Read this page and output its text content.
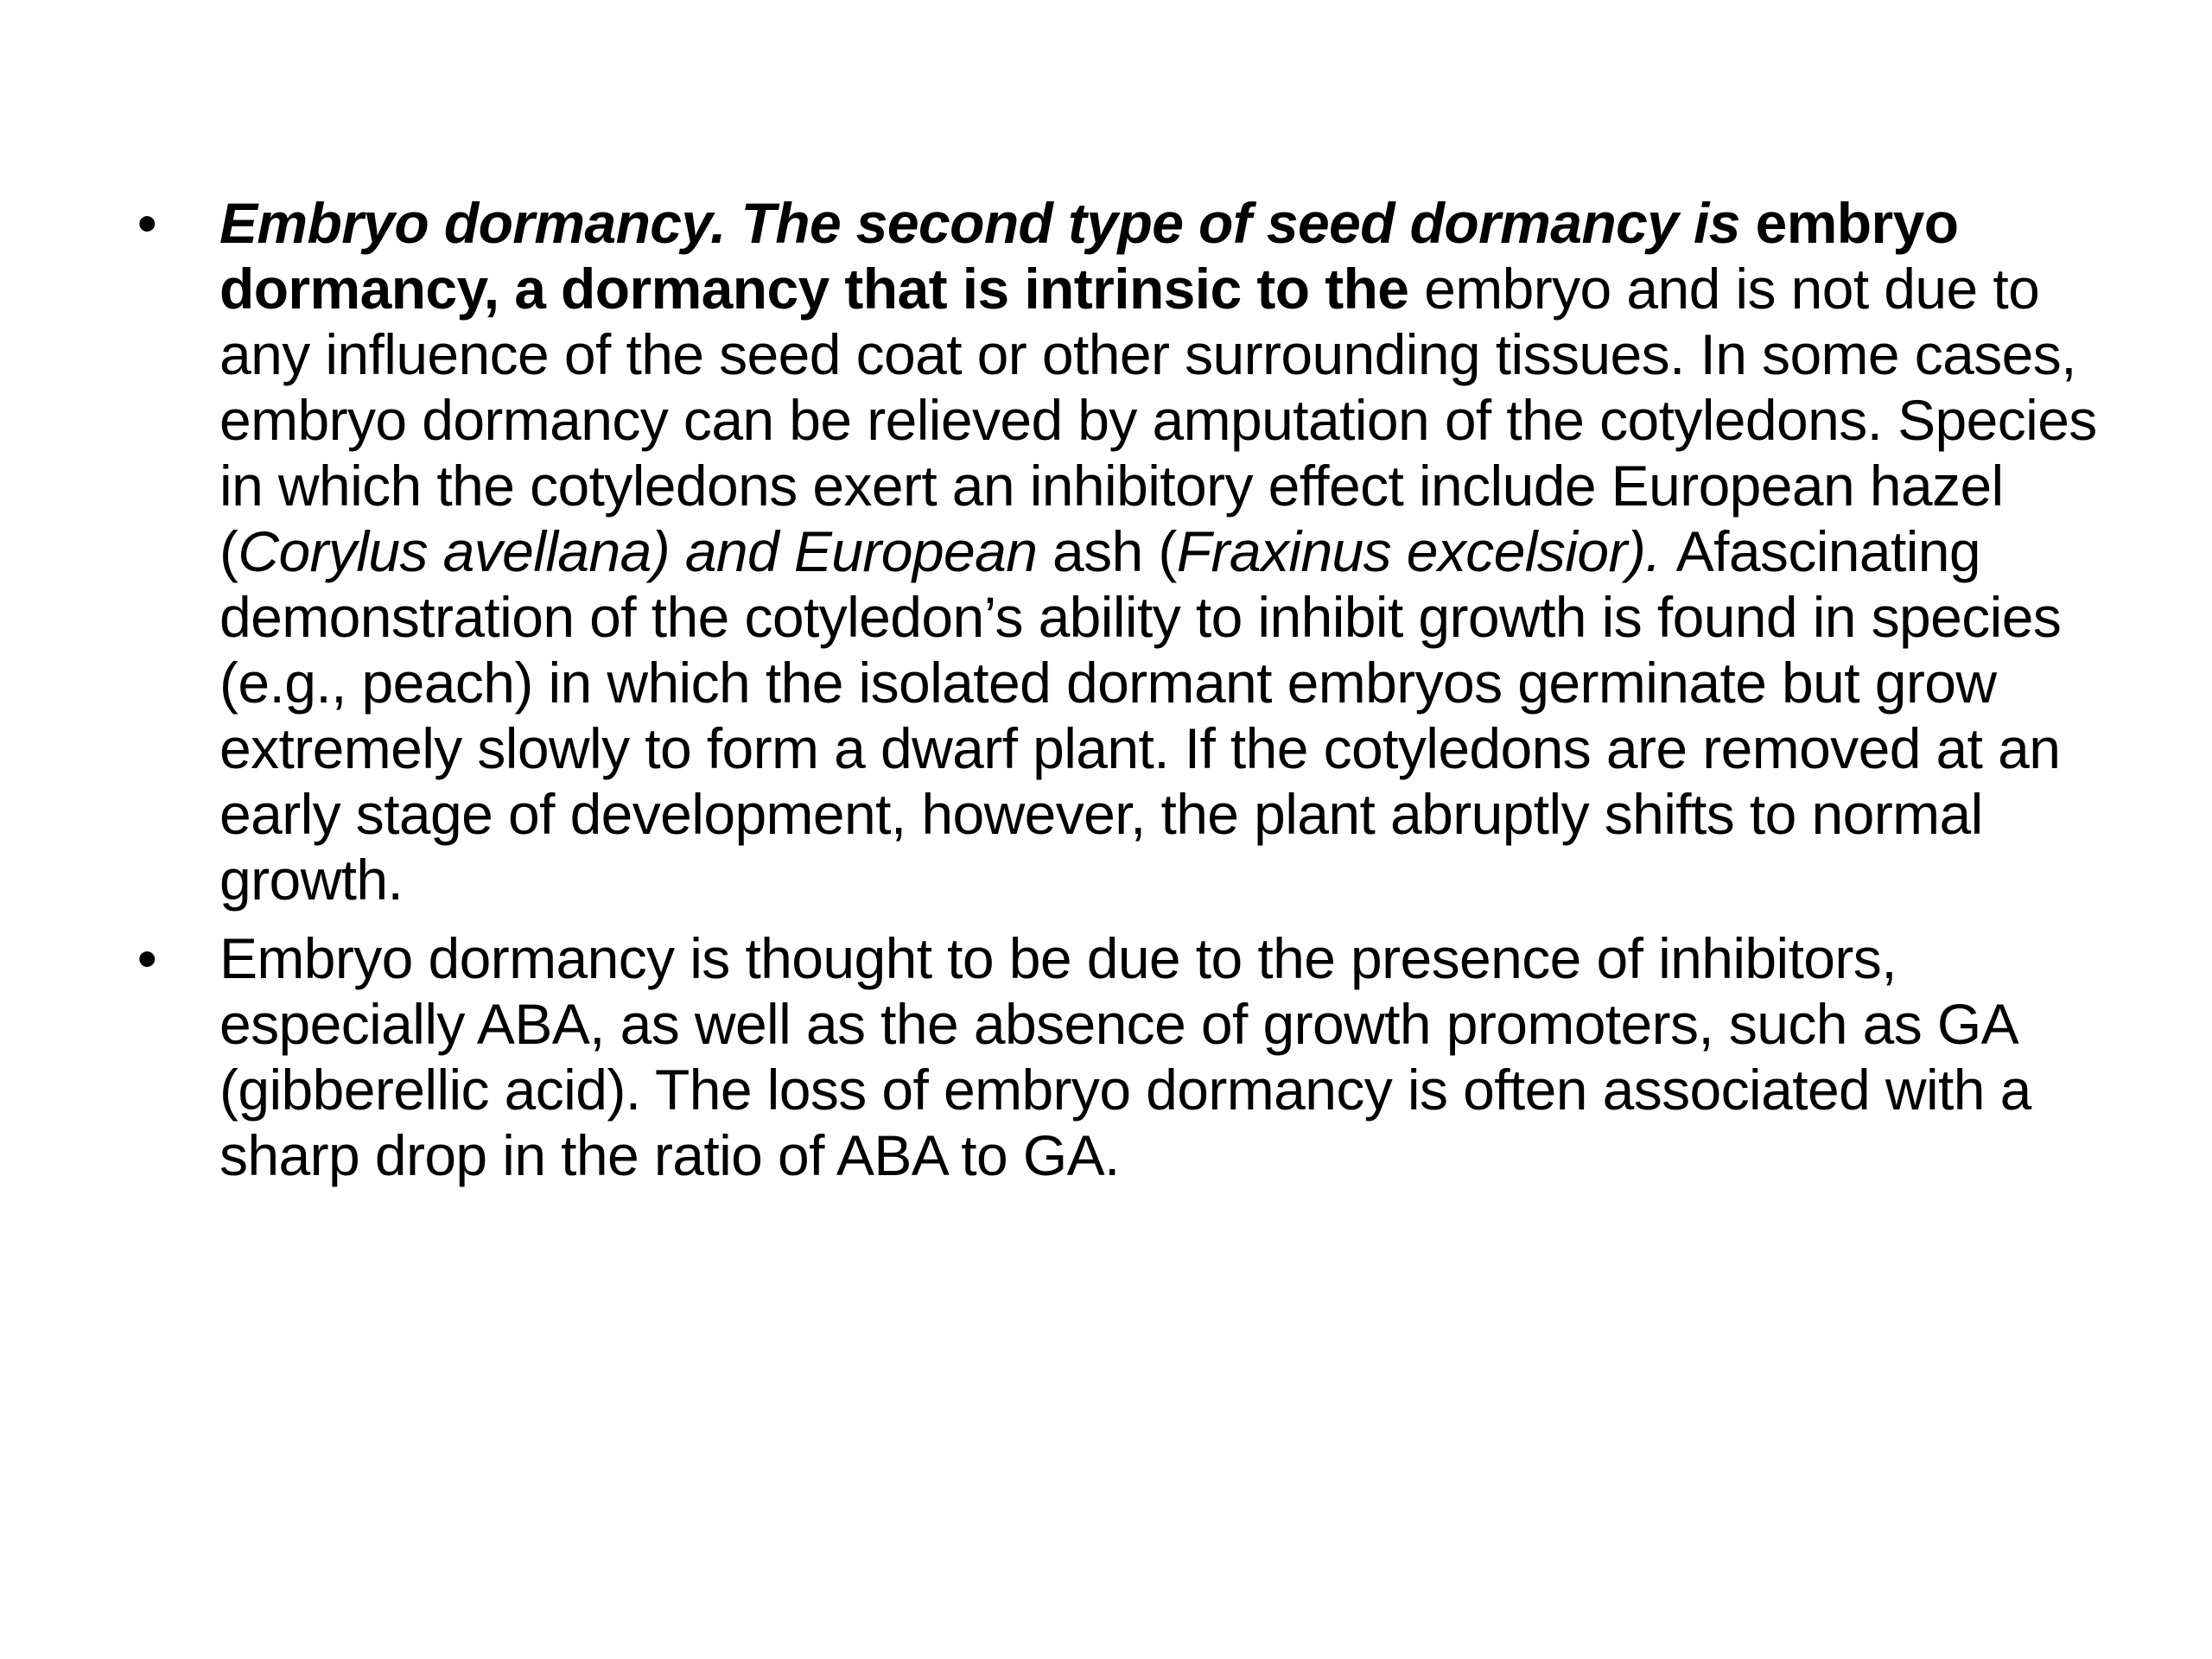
• Embryo dormancy. The second type of seed dormancy is embryo dormancy, a dormancy that is intrinsic to the embryo and is not due to any influence of the seed coat or other surrounding tissues. In some cases, embryo dormancy can be relieved by amputation of the cotyledons. Species in which the cotyledons exert an inhibitory effect include European hazel (Corylus avellana) and European ash (Fraxinus excelsior). Afascinating demonstration of the cotyledon’s ability to inhibit growth is found in species (e.g., peach) in which the isolated dormant embryos germinate but grow extremely slowly to form a dwarf plant. If the cotyledons are removed at an early stage of development, however, the plant abruptly shifts to normal growth.
• Embryo dormancy is thought to be due to the presence of inhibitors, especially ABA, as well as the absence of growth promoters, such as GA (gibberellic acid). The loss of embryo dormancy is often associated with a sharp drop in the ratio of ABA to GA.
